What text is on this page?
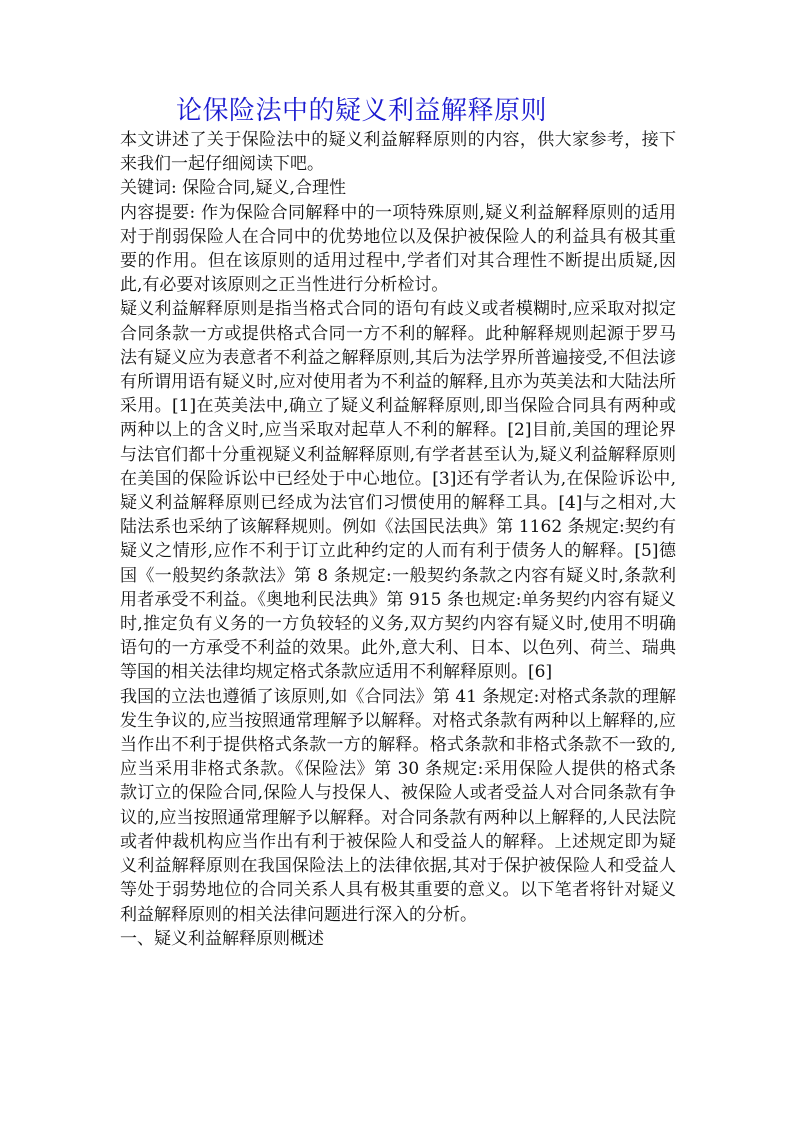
论保险法中的疑义利益解释原则

本文讲述了关于保险法中的疑义利益解释原则的内容，供大家参考，接下来我们一起仔细阅读下吧。

关键词: 保险合同,疑义,合理性

内容提要: 作为保险合同解释中的一项特殊原则,疑义利益解释原则的适用对于削弱保险人在合同中的优势地位以及保护被保险人的利益具有极其重要的作用。但在该原则的适用过程中,学者们对其合理性不断提出质疑,因此,有必要对该原则之正当性进行分析检讨。

疑义利益解释原则是指当格式合同的语句有歧义或者模糊时,应采取对拟定合同条款一方或提供格式合同一方不利的解释。此种解释规则起源于罗马法有疑义应为表意者不利益之解释原则,其后为法学界所普遍接受,不但法谚有所谓用语有疑义时,应对使用者为不利益的解释,且亦为英美法和大陆法所采用。[1]在英美法中,确立了疑义利益解释原则,即当保险合同具有两种或两种以上的含义时,应当采取对起草人不利的解释。[2]目前,美国的理论界与法官们都十分重视疑义利益解释原则,有学者甚至认为,疑义利益解释原则在美国的保险诉讼中已经处于中心地位。[3]还有学者认为,在保险诉讼中,疑义利益解释原则已经成为法官们习惯使用的解释工具。[4]与之相对,大陆法系也采纳了该解释规则。例如《法国民法典》第 1162 条规定:契约有疑义之情形,应作不利于订立此种约定的人而有利于债务人的解释。[5]德国《一般契约条款法》第 8 条规定:一般契约条款之内容有疑义时,条款利用者承受不利益。《奥地利民法典》第 915 条也规定:单务契约内容有疑义时,推定负有义务的一方负较轻的义务,双方契约内容有疑义时,使用不明确语句的一方承受不利益的效果。此外,意大利、日本、以色列、荷兰、瑞典等国的相关法律均规定格式条款应适用不利解释原则。[6]

我国的立法也遵循了该原则,如《合同法》第 41 条规定:对格式条款的理解发生争议的,应当按照通常理解予以解释。对格式条款有两种以上解释的,应当作出不利于提供格式条款一方的解释。格式条款和非格式条款不一致的,应当采用非格式条款。《保险法》第 30 条规定:采用保险人提供的格式条款订立的保险合同,保险人与投保人、被保险人或者受益人对合同条款有争议的,应当按照通常理解予以解释。对合同条款有两种以上解释的,人民法院或者仲裁机构应当作出有利于被保险人和受益人的解释。上述规定即为疑义利益解释原则在我国保险法上的法律依据,其对于保护被保险人和受益人等处于弱势地位的合同关系人具有极其重要的意义。以下笔者将针对疑义利益解释原则的相关法律问题进行深入的分析。

一、疑义利益解释原则概述
